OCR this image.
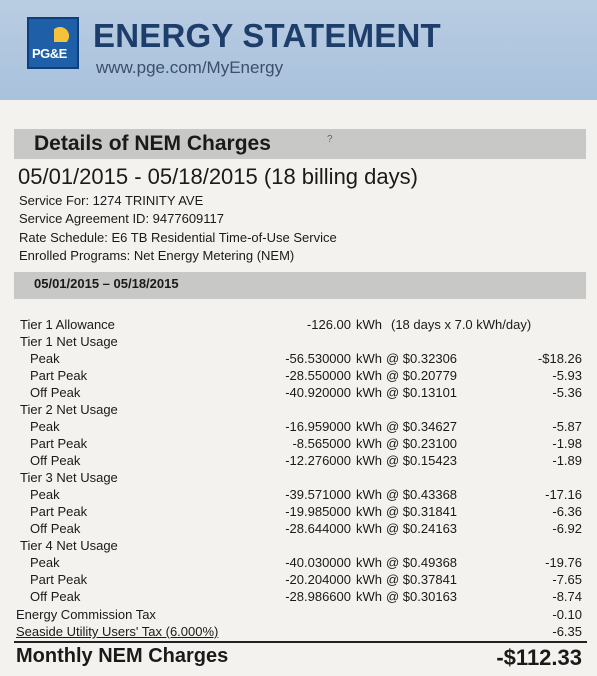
PG&E ENERGY STATEMENT
www.pge.com/MyEnergy
Details of NEM Charges	?
05/01/2015 - 05/18/2015 (18 billing days)
Service For: 1274 TRINITY AVE
Service Agreement ID: 9477609117
Rate Schedule: E6 TB Residential Time-of-Use Service
Enrolled Programs: Net Energy Metering (NEM)
05/01/2015 – 05/18/2015
Tier 1 Allowance	-126.00 kWh (18 days x 7.0 kWh/day)
Tier 1 Net Usage
Peak	-56.530000 kWh @ $0.32306	-$18.26
Part Peak	-28.550000 kWh @ $0.20779	-5.93
Off Peak	-40.920000 kWh @ $0.13101	-5.36
Tier 2 Net Usage
Peak	-16.959000 kWh @ $0.34627	-5.87
Part Peak	-8.565000 kWh @ $0.23100	-1.98
Off Peak	-12.276000 kWh @ $0.15423	-1.89
Tier 3 Net Usage
Peak	-39.571000 kWh @ $0.43368	-17.16
Part Peak	-19.985000 kWh @ $0.31841	-6.36
Off Peak	-28.644000 kWh @ $0.24163	-6.92
Tier 4 Net Usage
Peak	-40.030000 kWh @ $0.49368	-19.76
Part Peak	-20.204000 kWh @ $0.37841	-7.65
Off Peak	-28.986600 kWh @ $0.30163	-8.74
Energy Commission Tax	-0.10
Seaside Utility Users' Tax (6.000%)	-6.35
Monthly NEM Charges	-$112.33
